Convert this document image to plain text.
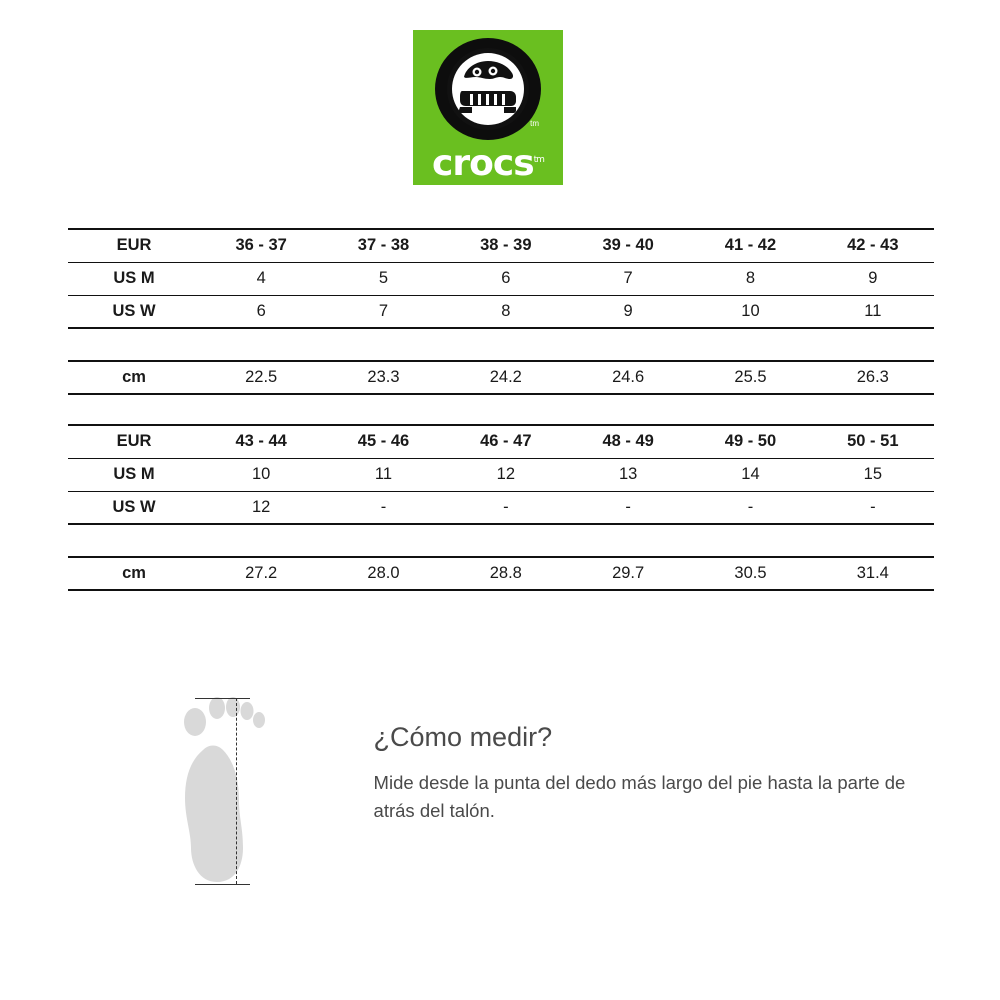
tm
crocs$^{tm}$
EUR	36 - 37	37 - 38	38 - 39	39 - 40	41 - 42	42 - 43
US M	4	5	6	7	8	9
US W	6	7	8	9	10	11
cm	22.5	23.3	24.2	24.6	25.5	26.3
EUR	43 - 44	45 - 46	46 - 47	48 - 49	49 - 50	50 - 51
US M	10	11	12	13	14	15
US W	12	-	-	-	-	-
cm	27.2	28.0	28.8	29.7	30.5	31.4
¿Cómo medir?

Mide desde la punta del dedo más largo del pie hasta la parte de atrás del talón.
